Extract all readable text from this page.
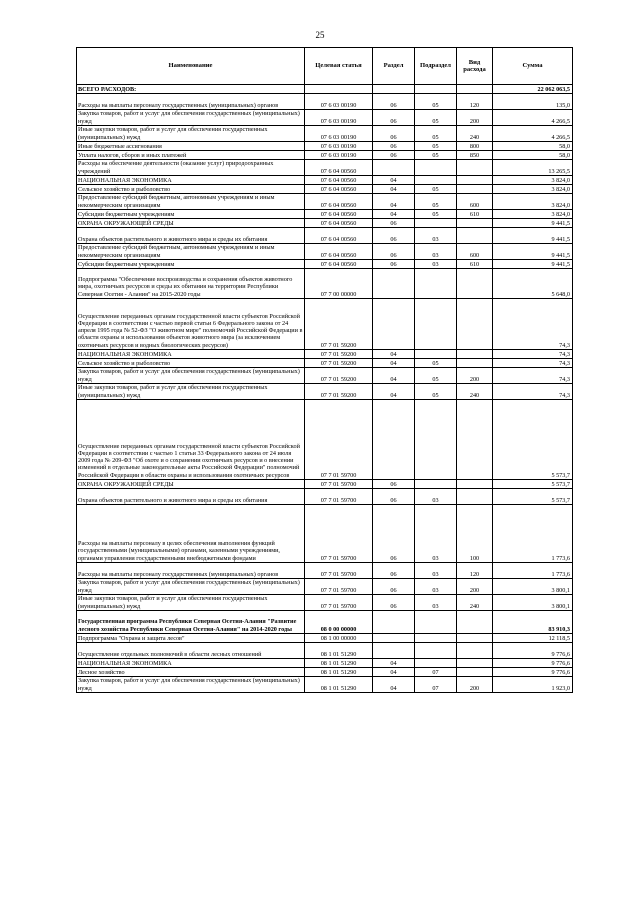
25
Наименование	Целевая статья	Раздел	Подраздел	Вид расхода	Сумма
ВСЕГО РАСХОДОВ:					22 062 063,5
Расходы на выплаты персоналу государственных (муниципальных) органов	07 6 03 00190	06	05	120	135,0
Закупка товаров, работ и услуг для обеспечения государственных (муниципальных) нужд	07 6 03 00190	06	05	200	4 266,5
Иные закупки товаров, работ и услуг для обеспечения государственных (муниципальных) нужд	07 6 03 00190	06	05	240	4 266,5
Иные бюджетные ассигнования	07 6 03 00190	06	05	800	58,0
Уплата налогов, сборов и иных платежей	07 6 03 00190	06	05	850	58,0
Расходы на обеспечение деятельности (оказание услуг) природоохранных учреждений	07 6 04 00560				13 265,5
НАЦИОНАЛЬНАЯ ЭКОНОМИКА	07 6 04 00560	04			3 824,0
Сельское хозяйство и рыболовство	07 6 04 00560	04	05		3 824,0
Предоставление субсидий бюджетным, автономным учреждениям и иным некоммерческим организациям	07 6 04 00560	04	05	600	3 824,0
Субсидии бюджетным учреждениям	07 6 04 00560	04	05	610	3 824,0
ОХРАНА ОКРУЖАЮЩЕЙ СРЕДЫ	07 6 04 00560	06			9 441,5
Охрана объектов растительного и животного мира и среды их обитания	07 6 04 00560	06	03		9 441,5
Предоставление субсидий бюджетным, автономным учреждениям и иным некоммерческим организациям	07 6 04 00560	06	03	600	9 441,5
Субсидии бюджетным учреждениям	07 6 04 00560	06	03	610	9 441,5
Подпрограмма "Обеспечение воспроизводства и сохранения объектов животного мира, охотничьих ресурсов и среды их обитания на территории Республики Северная Осетия - Алания" на 2015-2020 годы	07 7 00 00000				5 648,0
Осуществление переданных органам государственной власти субъектов Российской Федерации в соответствии с частью первой статьи 6 Федерального закона от 24 апреля 1995 года № 52-ФЗ "О животном мире" полномочий Российской Федерации в области охраны и использования объектов животного мира (за исключением охотничьих ресурсов и водных биологических ресурсов)	07 7 01 59200				74,3
НАЦИОНАЛЬНАЯ ЭКОНОМИКА	07 7 01 59200	04			74,3
Сельское хозяйство и рыболовство	07 7 01 59200	04	05		74,3
Закупка товаров, работ и услуг для обеспечения государственных (муниципальных) нужд	07 7 01 59200	04	05	200	74,3
Иные закупки товаров, работ и услуг для обеспечения государственных (муниципальных) нужд	07 7 01 59200	04	05	240	74,3
Осуществление переданных органам государственной власти субъектов Российской Федерации в соответствии с частью 1 статьи 33 Федерального закона от 24 июля 2009 года № 209-ФЗ "Об охоте и о сохранении охотничьих ресурсов и о внесении изменений в отдельные законодательные акты Российской Федерации" полномочий Российской Федерации в области охраны и использования охотничьих ресурсов	07 7 01 59700				5 573,7
ОХРАНА ОКРУЖАЮЩЕЙ СРЕДЫ	07 7 01 59700	06			5 573,7
Охрана объектов растительного и животного мира и среды их обитания	07 7 01 59700	06	03		5 573,7
Расходы на выплаты персоналу в целях обеспечения выполнения функций государственными (муниципальными) органами, казенными учреждениями, органами управления государственными внебюджетными фондами	07 7 01 59700	06	03	100	1 773,6
Расходы на выплаты персоналу государственных (муниципальных) органов	07 7 01 59700	06	03	120	1 773,6
Закупка товаров, работ и услуг для обеспечения государственных (муниципальных) нужд	07 7 01 59700	06	03	200	3 800,1
Иные закупки товаров, работ и услуг для обеспечения государственных (муниципальных) нужд	07 7 01 59700	06	03	240	3 800,1
Государственная программа Республики Северная Осетия-Алания "Развитие лесного хозяйства Республики Северная Осетия-Алания" на 2014-2020 годы	08 0 00 00000				83 910,3
Подпрограмма "Охрана и защита лесов"	08 1 00 00000				12 118,5
Осуществление отдельных полномочий в области лесных отношений	08 1 01 51290				9 776,6
НАЦИОНАЛЬНАЯ ЭКОНОМИКА	08 1 01 51290	04			9 776,6
Лесное хозяйство	08 1 01 51290	04	07		9 776,6
Закупка товаров, работ и услуг для обеспечения государственных (муниципальных) нужд	08 1 01 51290	04	07	200	1 923,0
